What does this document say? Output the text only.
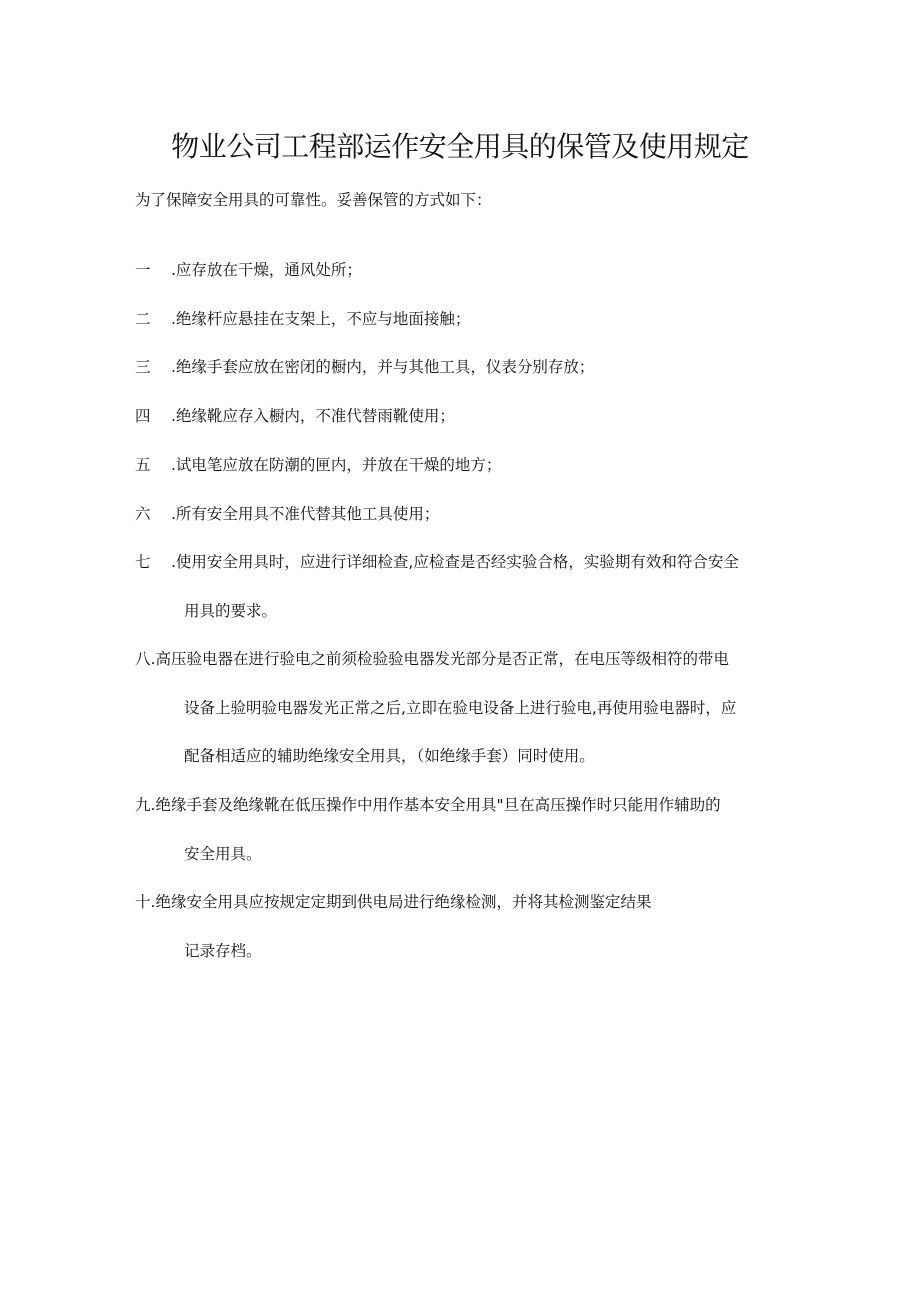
物业公司工程部运作安全用具的保管及使用规定
为了保障安全用具的可靠性。妥善保管的方式如下：
一 .应存放在干燥，通风处所；
二 .绝缘杆应悬挂在支架上，不应与地面接触；
三 .绝缘手套应放在密闭的橱内，并与其他工具，仪表分别存放；
四 .绝缘靴应存入橱内，不准代替雨靴使用；
五 .试电笔应放在防潮的匣内，并放在干燥的地方；
六 .所有安全用具不准代替其他工具使用；
七 .使用安全用具时，应进行详细检查,应检查是否经实验合格，实验期有效和符合安全
用具的要求。
八.高压验电器在进行验电之前须检验验电器发光部分是否正常，在电压等级相符的带电
设备上验明验电器发光正常之后,立即在验电设备上进行验电,再使用验电器时，应
配备相适应的辅助绝缘安全用具，（如绝缘手套）同时使用。
九.绝缘手套及绝缘靴在低压操作中用作基本安全用具"旦在高压操作时只能用作辅助的
安全用具。
十.绝缘安全用具应按规定定期到供电局进行绝缘检测，并将其检测鉴定结果
记录存档。
